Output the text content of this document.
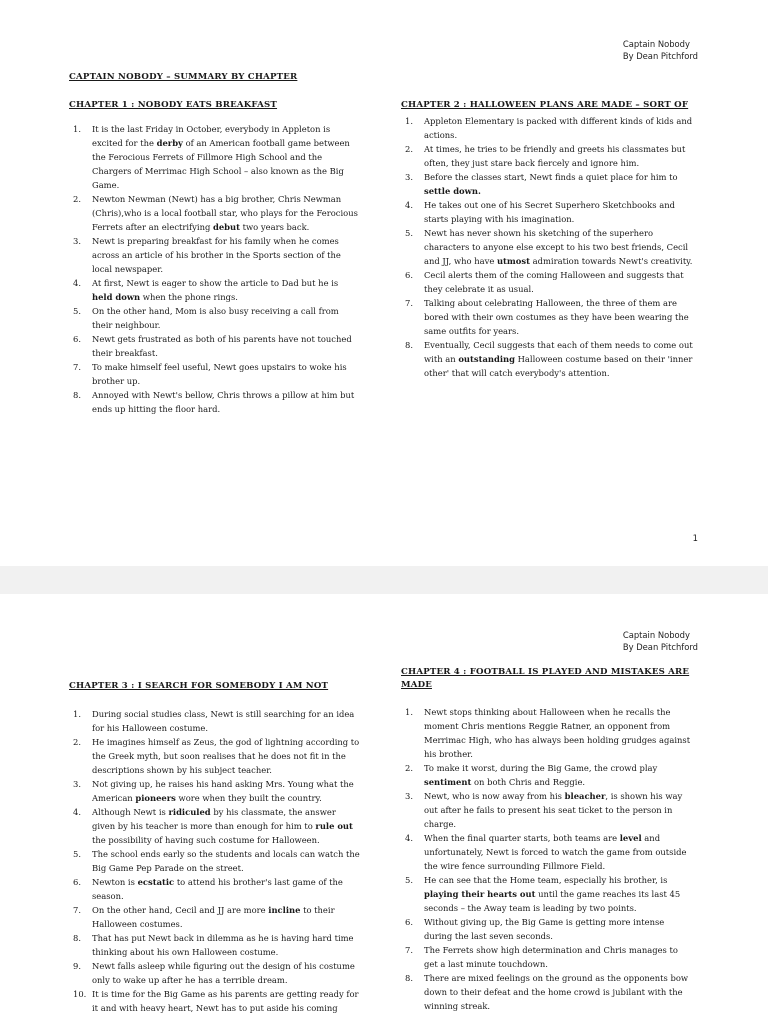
Captain Nobody
By Dean Pitchford
CAPTAIN NOBODY – SUMMARY BY CHAPTER
CHAPTER 1 : NOBODY EATS BREAKFAST
1. It is the last Friday in October, everybody in Appleton is excited for the derby of an American football game between the Ferocious Ferrets of Fillmore High School and the Chargers of Merrimac High School – also known as the Big Game.
2. Newton Newman (Newt) has a big brother, Chris Newman (Chris),who is a local football star, who plays for the Ferocious Ferrets after an electrifying debut two years back.
3. Newt is preparing breakfast for his family when he comes across an article of his brother in the Sports section of the local newspaper.
4. At first, Newt is eager to show the article to Dad but he is held down when the phone rings.
5. On the other hand, Mom is also busy receiving a call from their neighbour.
6. Newt gets frustrated as both of his parents have not touched their breakfast.
7. To make himself feel useful, Newt goes upstairs to woke his brother up.
8. Annoyed with Newt's bellow, Chris throws a pillow at him but ends up hitting the floor hard.
CHAPTER 2 : HALLOWEEN PLANS ARE MADE – SORT OF
1. Appleton Elementary is packed with different kinds of kids and actions.
2. At times, he tries to be friendly and greets his classmates but often, they just stare back fiercely and ignore him.
3. Before the classes start, Newt finds a quiet place for him to settle down.
4. He takes out one of his Secret Superhero Sketchbooks and starts playing with his imagination.
5. Newt has never shown his sketching of the superhero characters to anyone else except to his two best friends, Cecil and JJ, who have utmost admiration towards Newt's creativity.
6. Cecil alerts them of the coming Halloween and suggests that they celebrate it as usual.
7. Talking about celebrating Halloween, the three of them are bored with their own costumes as they have been wearing the same outfits for years.
8. Eventually, Cecil suggests that each of them needs to come out with an outstanding Halloween costume based on their 'inner other' that will catch everybody's attention.
1
Captain Nobody
By Dean Pitchford
CHAPTER 3 : I SEARCH FOR SOMEBODY I AM NOT
1. During social studies class, Newt is still searching for an idea for his Halloween costume.
2. He imagines himself as Zeus, the god of lightning according to the Greek myth, but soon realises that he does not fit in the descriptions shown by his subject teacher.
3. Not giving up, he raises his hand asking Mrs. Young what the American pioneers wore when they built the country.
4. Although Newt is ridiculed by his classmate, the answer given by his teacher is more than enough for him to rule out the possibility of having such costume for Halloween.
5. The school ends early so the students and locals can watch the Big Game Pep Parade on the street.
6. Newton is ecstatic to attend his brother's last game of the season.
7. On the other hand, Cecil and JJ are more incline to their Halloween costumes.
8. That has put Newt back in dilemma as he is having hard time thinking about his own Halloween costume.
9. Newt falls asleep while figuring out the design of his costume only to wake up after he has a terrible dream.
10. It is time for the Big Game as his parents are getting ready for it and with heavy heart, Newt has to put aside his coming
CHAPTER 4 : FOOTBALL IS PLAYED AND MISTAKES ARE MADE
1. Newt stops thinking about Halloween when he recalls the moment Chris mentions Reggie Ratner, an opponent from Merrimac High, who has always been holding grudges against his brother.
2. To make it worst, during the Big Game, the crowd play sentiment on both Chris and Reggie.
3. Newt, who is now away from his bleacher, is shown his way out after he fails to present his seat ticket to the person in charge.
4. When the final quarter starts, both teams are level and unfortunately, Newt is forced to watch the game from outside the wire fence surrounding Fillmore Field.
5. He can see that the Home team, especially his brother, is playing their hearts out until the game reaches its last 45 seconds – the Away team is leading by two points.
6. Without giving up, the Big Game is getting more intense during the last seven seconds.
7. The Ferrets show high determination and Chris manages to get a last minute touchdown.
8. There are mixed feelings on the ground as the opponents bow down to their defeat and the home crowd is jubilant with the winning streak.
